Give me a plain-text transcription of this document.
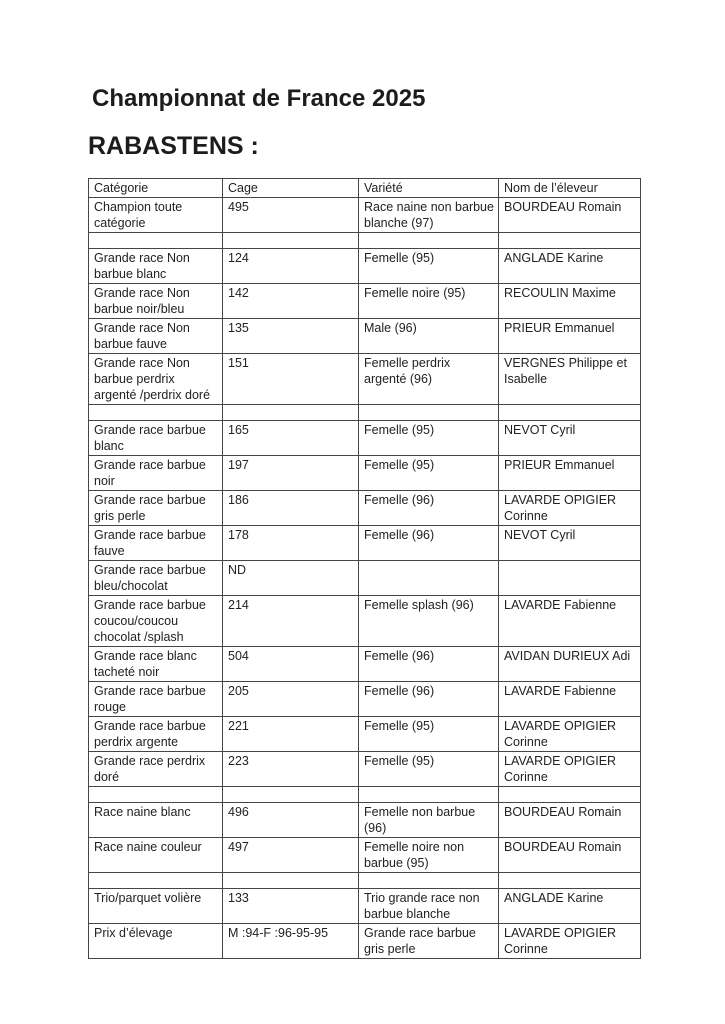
Championnat de France 2025
RABASTENS :
Catégorie	Cage	Variété	Nom de l’éleveur
Champion toute catégorie	495	Race naine non barbue blanche (97)	BOURDEAU Romain

Grande race Non barbue blanc	124	Femelle (95)	ANGLADE Karine
Grande race Non barbue noir/bleu	142	Femelle noire (95)	RECOULIN Maxime
Grande race Non barbue fauve	135	Male (96)	PRIEUR Emmanuel
Grande race Non barbue perdrix argenté /perdrix doré	151	Femelle perdrix argenté (96)	VERGNES Philippe et Isabelle

Grande race barbue blanc	165	Femelle (95)	NEVOT Cyril
Grande race barbue noir	197	Femelle (95)	PRIEUR Emmanuel
Grande race barbue gris perle	186	Femelle (96)	LAVARDE OPIGIER Corinne
Grande race barbue fauve	178	Femelle (96)	NEVOT Cyril
Grande race barbue bleu/chocolat	ND		
Grande race barbue coucou/coucou chocolat /splash	214	Femelle splash (96)	LAVARDE Fabienne
Grande race blanc tacheté noir	504	Femelle (96)	AVIDAN DURIEUX Adi
Grande race barbue rouge	205	Femelle (96)	LAVARDE Fabienne
Grande race barbue perdrix argente	221	Femelle (95)	LAVARDE OPIGIER Corinne
Grande race perdrix doré	223	Femelle (95)	LAVARDE OPIGIER Corinne

Race naine blanc	496	Femelle non barbue (96)	BOURDEAU Romain
Race naine couleur	497	Femelle noire non barbue (95)	BOURDEAU Romain

Trio/parquet volière	133	Trio grande race non barbue blanche	ANGLADE Karine
Prix d’élevage	M :94-F :96-95-95	Grande race barbue gris perle	LAVARDE OPIGIER Corinne
